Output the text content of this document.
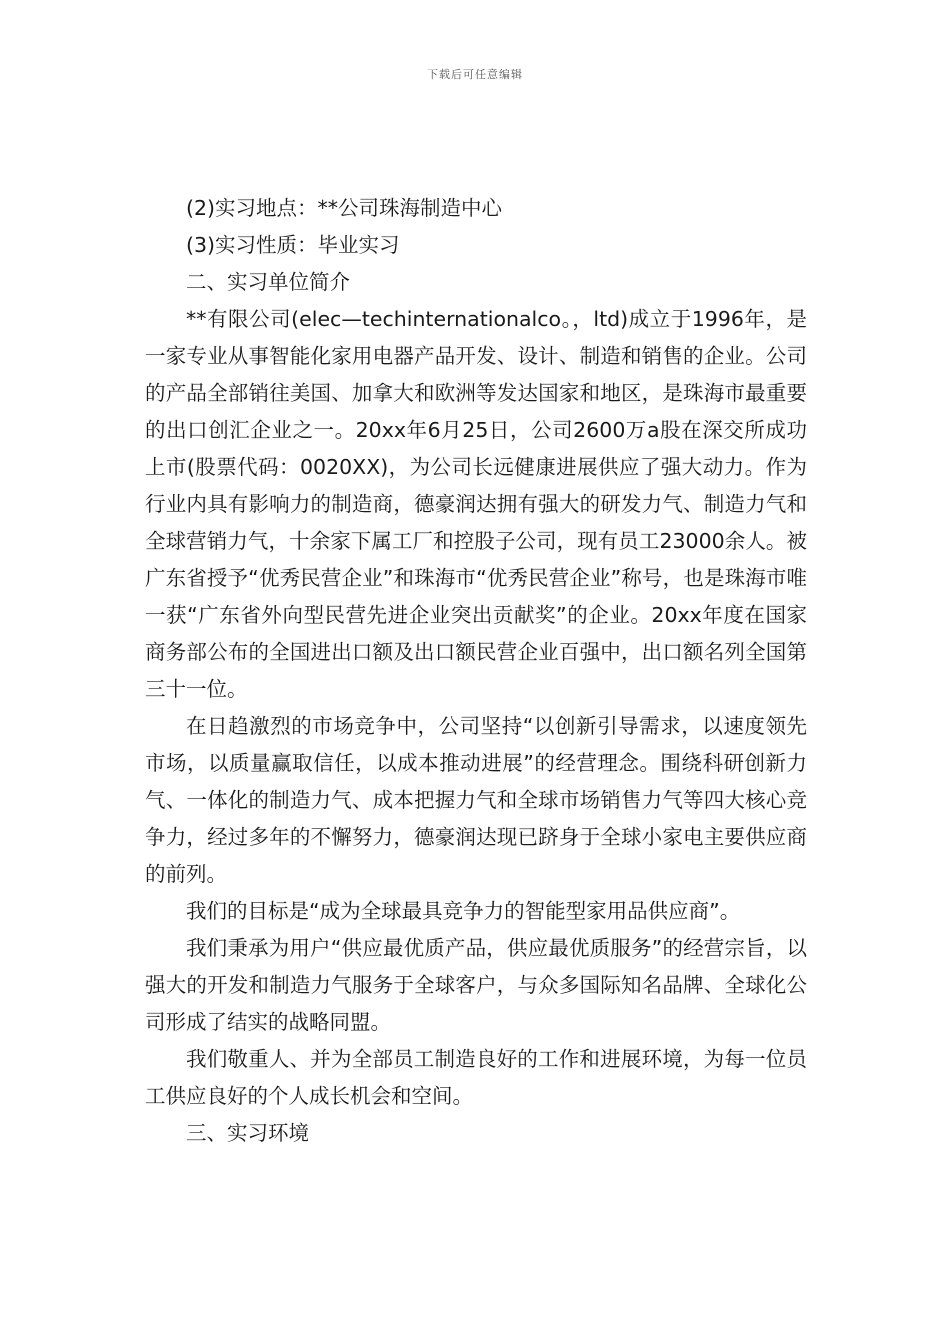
下载后可任意编辑

(2)实习地点：**公司珠海制造中心

(3)实习性质：毕业实习

二、实习单位简介

**有限公司(elec—techinternationalco。，ltd)成立于1996年，是一家专业从事智能化家用电器产品开发、设计、制造和销售的企业。公司的产品全部销往美国、加拿大和欧洲等发达国家和地区，是珠海市最重要的出口创汇企业之一。20xx年6月25日，公司2600万a股在深交所成功上市(股票代码：0020XX)，为公司长远健康进展供应了强大动力。作为行业内具有影响力的制造商，德豪润达拥有强大的研发力气、制造力气和全球营销力气，十余家下属工厂和控股子公司，现有员工23000余人。被广东省授予“优秀民营企业”和珠海市“优秀民营企业”称号，也是珠海市唯一获“广东省外向型民营先进企业突出贡献奖”的企业。20xx年度在国家商务部公布的全国进出口额及出口额民营企业百强中，出口额名列全国第三十一位。

在日趋激烈的市场竞争中，公司坚持“以创新引导需求，以速度领先市场，以质量赢取信任，以成本推动进展”的经营理念。围绕科研创新力气、一体化的制造力气、成本把握力气和全球市场销售力气等四大核心竞争力，经过多年的不懈努力，德豪润达现已跻身于全球小家电主要供应商的前列。

我们的目标是“成为全球最具竞争力的智能型家用品供应商”。

我们秉承为用户“供应最优质产品，供应最优质服务”的经营宗旨，以强大的开发和制造力气服务于全球客户，与众多国际知名品牌、全球化公司形成了结实的战略同盟。

我们敬重人、并为全部员工制造良好的工作和进展环境，为每一位员工供应良好的个人成长机会和空间。

三、实习环境
